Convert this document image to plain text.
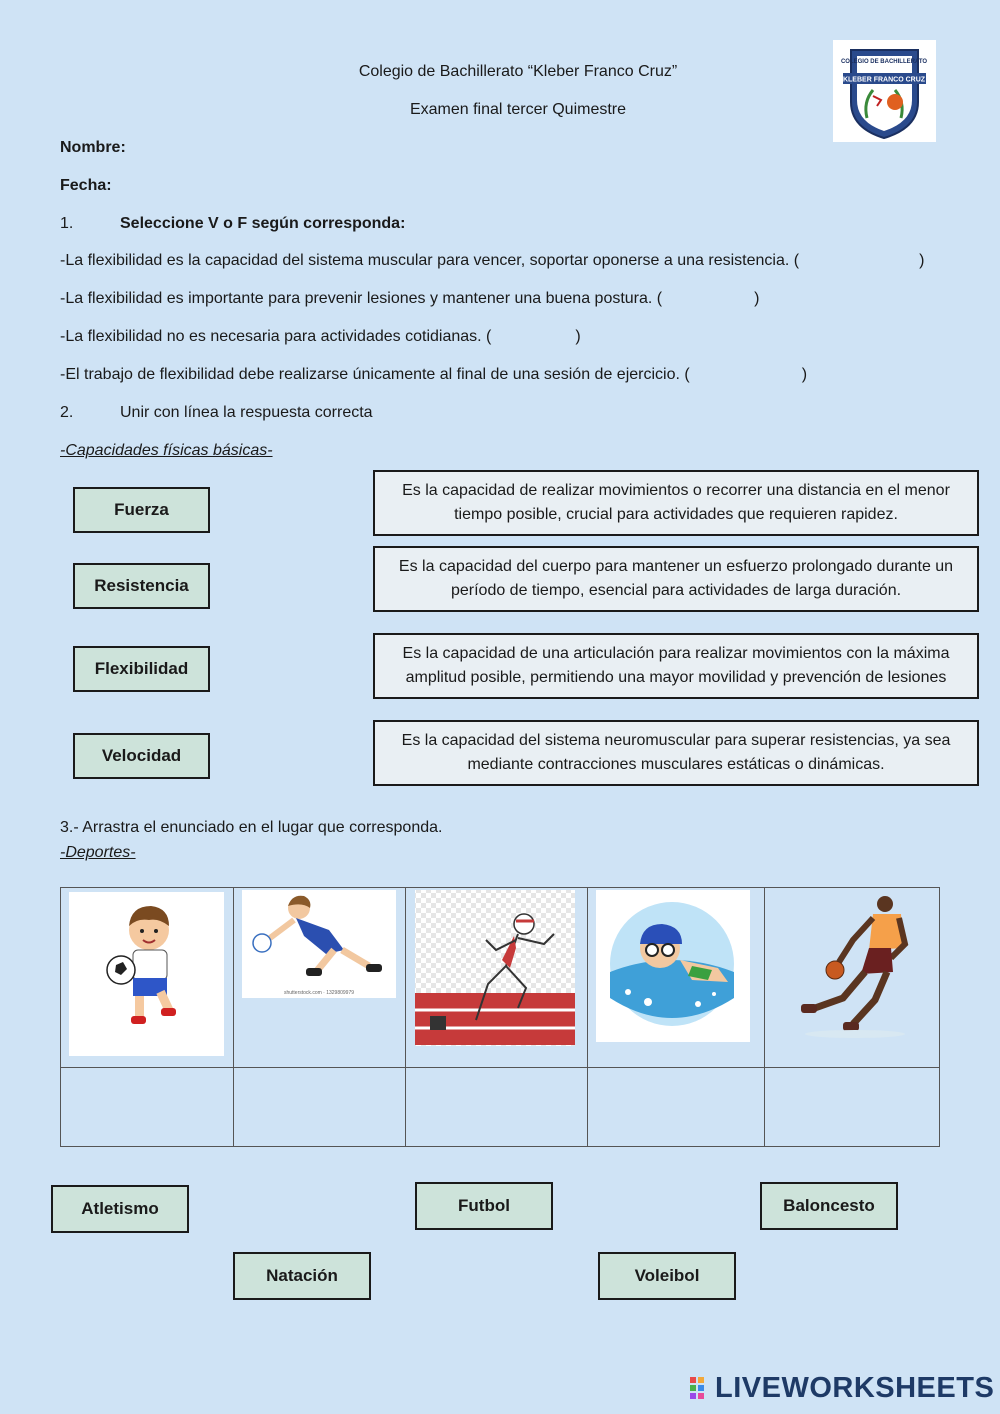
Colegio de Bachillerato “Kleber Franco Cruz”
Examen final tercer Quimestre
COLEGIO DE BACHILLERATO
KLEBER FRANCO CRUZ
Nombre:
Fecha:
1.	Seleccione V o F según corresponda:
-La flexibilidad es la capacidad del sistema muscular para vencer, soportar oponerse a una resistencia. (	)
-La flexibilidad es importante para prevenir lesiones y mantener una buena postura. (	)
-La flexibilidad no es necesaria para actividades cotidianas. (	)
-El trabajo de flexibilidad debe realizarse únicamente al final de una sesión de ejercicio. (	)
2.	Unir con línea la respuesta correcta
-Capacidades físicas básicas-
Fuerza
Resistencia
Flexibilidad
Velocidad
Es la capacidad de realizar movimientos o recorrer una distancia en el menor tiempo posible, crucial para actividades que requieren rapidez.
Es la capacidad del cuerpo para mantener un esfuerzo prolongado durante un período de tiempo, esencial para actividades de larga duración.
Es la capacidad de una articulación para realizar movimientos con la máxima amplitud posible, permitiendo una mayor movilidad y prevención de lesiones
Es la capacidad del sistema neuromuscular para superar resistencias, ya sea mediante contracciones musculares estáticas o dinámicas.
3.- Arrastra el enunciado en el lugar que corresponda.
-Deportes-

shutterstock.com · 1329809979

Atletismo	Futbol	Baloncesto
Natación	Voleibol
LIVEWORKSHEETS
